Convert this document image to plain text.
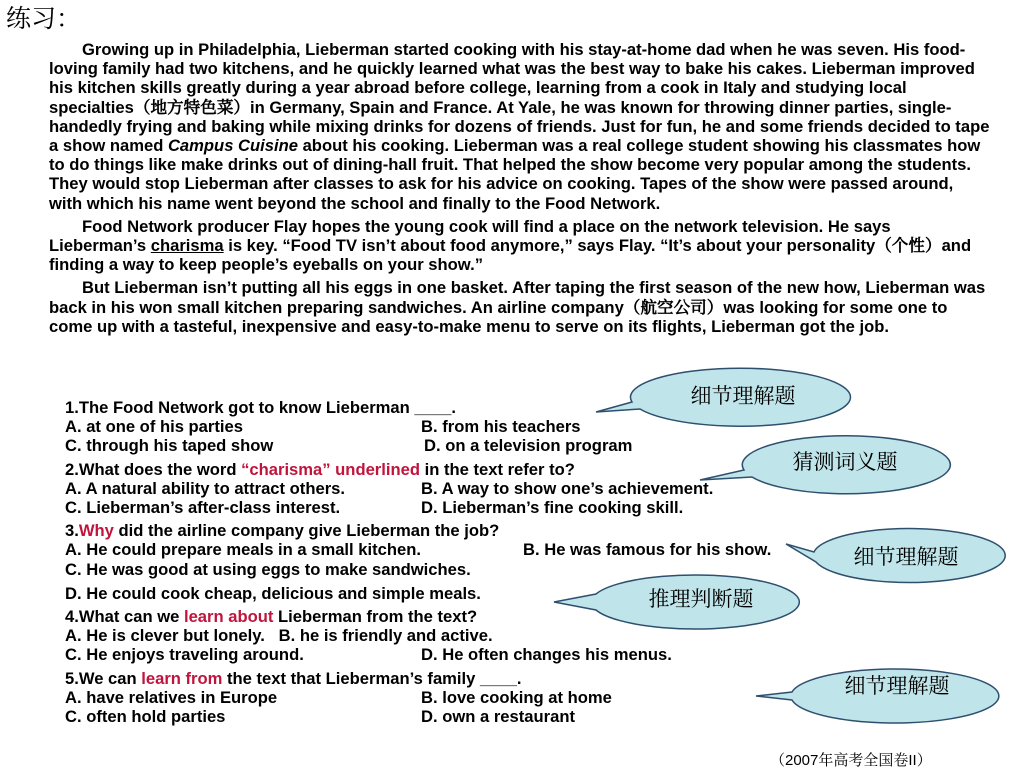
练习：

Growing up in Philadelphia, Lieberman started cooking with his stay-at-home dad when he was seven. His food-loving family had two kitchens, and he quickly learned what was the best way to bake his cakes. Lieberman improved his kitchen skills greatly during a year abroad before college, learning from a cook in Italy and studying local specialties（地方特色菜）in Germany, Spain and France. At Yale, he was known for throwing dinner parties, single-handedly frying and baking while mixing drinks for dozens of friends. Just for fun, he and some friends decided to tape a show named Campus Cuisine about his cooking. Lieberman was a real college student showing his classmates how to do things like make drinks out of dining-hall fruit. That helped the show become very popular among the students. They would stop Lieberman after classes to ask for his advice on cooking. Tapes of the show were passed around, with which his name went beyond the school and finally to the Food Network.

Food Network producer Flay hopes the young cook will find a place on the network television. He says Lieberman’s charisma is key. “Food TV isn’t about food anymore,” says Flay. “It’s about your personality（个性）and finding a way to keep people’s eyeballs on your show.”

But Lieberman isn’t putting all his eggs in one basket. After taping the first season of the new how, Lieberman was back in his won small kitchen preparing sandwiches. An airline company（航空公司）was looking for some one to come up with a tasteful, inexpensive and easy-to-make menu to serve on its flights, Lieberman got the job.

1.The Food Network got to know Lieberman ____.
A. at one of his parties	B. from his teachers
C. through his taped show	D. on a television program
2.What does the word “charisma” underlined in the text refer to?
A. A natural ability to attract others.	B. A way to show one’s achievement.
C. Lieberman’s after-class interest.	D. Lieberman’s fine cooking skill.
3.Why did the airline company give Lieberman the job?
A. He could prepare meals in a small kitchen.	B. He was famous for his show.
C. He was good at using eggs to make sandwiches.
D. He could cook cheap, delicious and simple meals.
4.What can we learn about Lieberman from the text?
A. He is clever but lonely.   B. he is friendly and active.
C. He enjoys traveling around.	D. He often changes his menus.
5.We can learn from the text that Lieberman’s family ____.
A. have relatives in Europe	B. love cooking at home
C. often hold parties	D. own a restaurant
细节理解题
猜测词义题
细节理解题
推理判断题
细节理解题
（2007年高考全国卷II）
